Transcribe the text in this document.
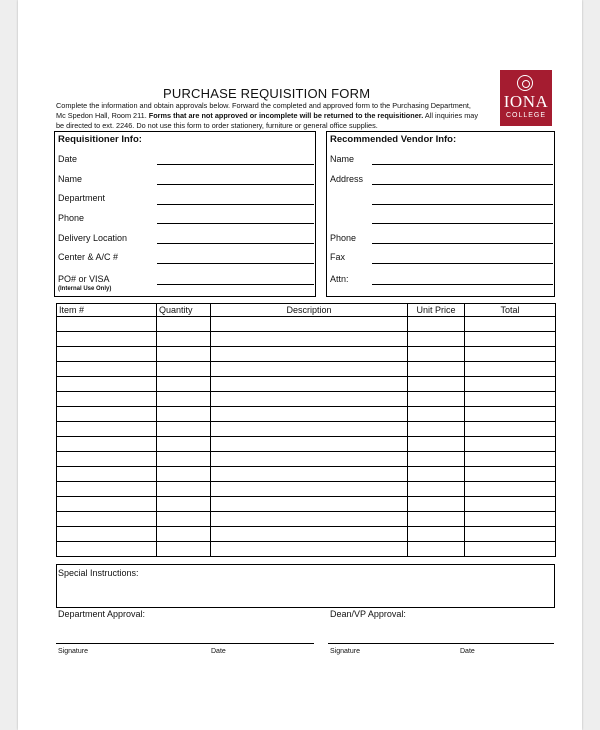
PURCHASE REQUISITION FORM	IONA
COLLEGE
Complete the information and obtain approvals below. Forward the completed and approved form to the Purchasing Department,
Mc Spedon Hall, Room 211. Forms that are not approved or incomplete will be returned to the requisitioner. All inquiries may
be directed to ext. 2246. Do not use this form to order stationery, furniture or general office supplies.
Requisitioner Info:
Date
Name
Department
Phone
Delivery Location
Center & A/C #
PO# or VISA
(Internal Use Only)
Recommended Vendor Info:
Name
Address
Phone
Fax
Attn:
Item #	Quantity	Description	Unit Price	Total

Special Instructions:
Department Approval:
Signature	Date
Dean/VP Approval:
Signature	Date
